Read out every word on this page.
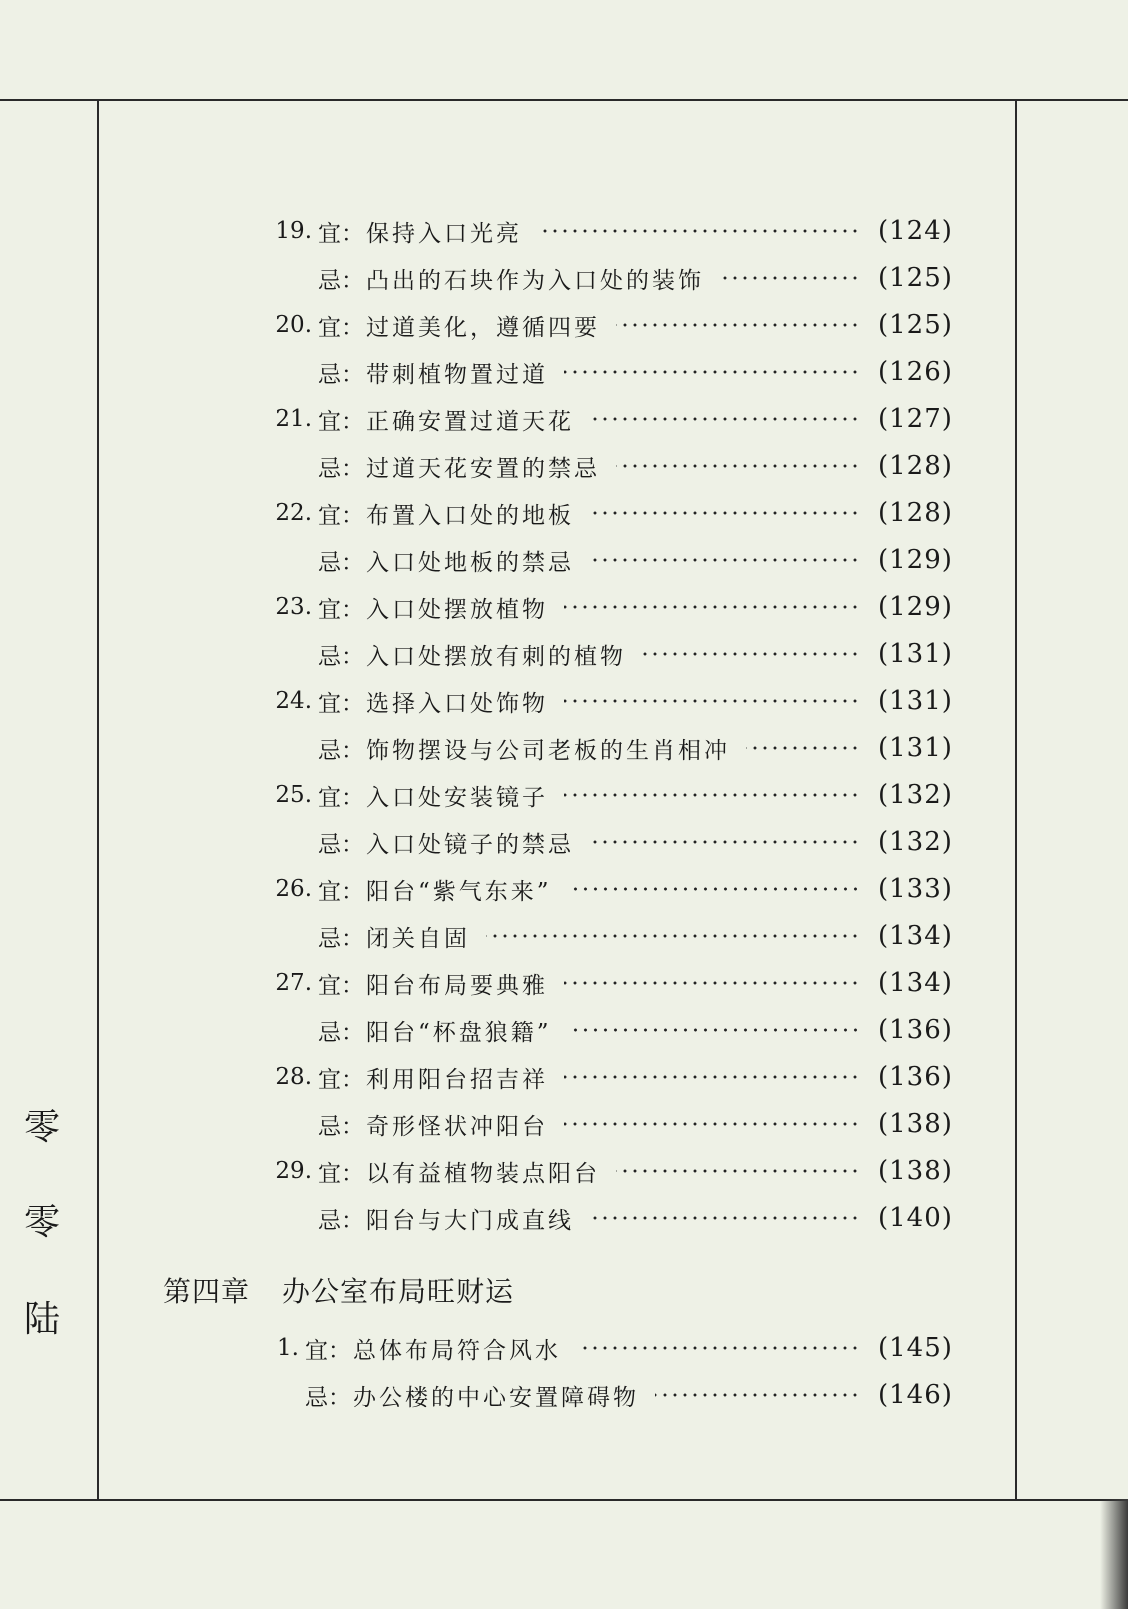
零
零
陆
19. 宜： 保持入口光亮	(124)
忌： 凸出的石块作为入口处的装饰	(125)
20. 宜： 过道美化，遵循四要	(125)
忌： 带刺植物置过道	(126)
21. 宜： 正确安置过道天花	(127)
忌： 过道天花安置的禁忌	(128)
22. 宜： 布置入口处的地板	(128)
忌： 入口处地板的禁忌	(129)
23. 宜： 入口处摆放植物	(129)
忌： 入口处摆放有刺的植物	(131)
24. 宜： 选择入口处饰物	(131)
忌： 饰物摆设与公司老板的生肖相冲	(131)
25. 宜： 入口处安装镜子	(132)
忌： 入口处镜子的禁忌	(132)
26. 宜： 阳台“紫气东来”	(133)
忌： 闭关自固	(134)
27. 宜： 阳台布局要典雅	(134)
忌： 阳台“杯盘狼籍”	(136)
28. 宜： 利用阳台招吉祥	(136)
忌： 奇形怪状冲阳台	(138)
29. 宜： 以有益植物装点阳台	(138)
忌： 阳台与大门成直线	(140)
第四章 办公室布局旺财运
1. 宜： 总体布局符合风水	(145)
忌： 办公楼的中心安置障碍物	(146)
